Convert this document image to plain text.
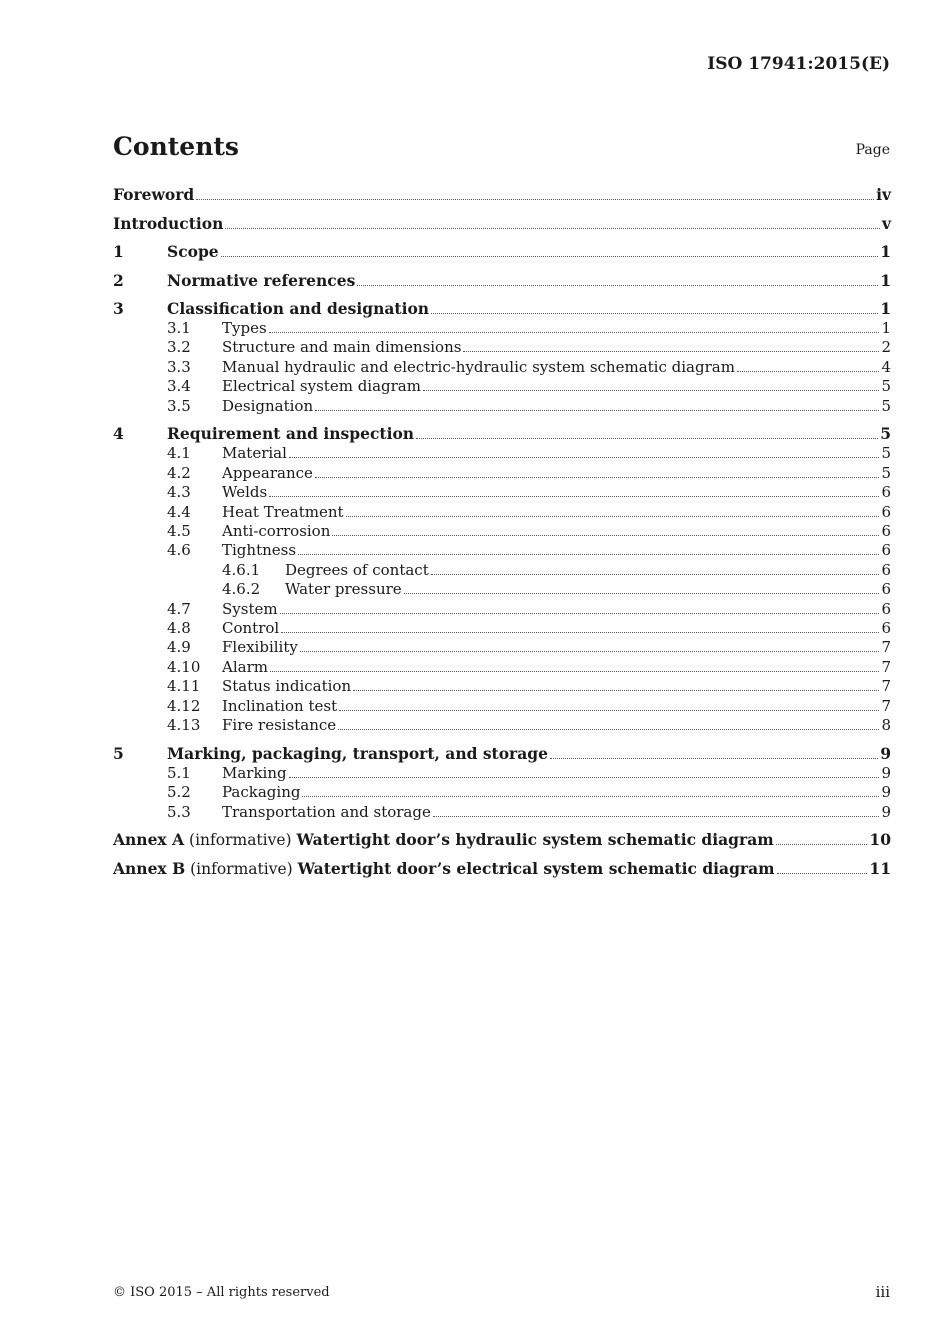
ISO 17941:2015(E)
Contents	Page
Foreword	iv
Introduction	v
1	Scope	1
2	Normative references	1
3	Classification and designation	1
3.1	Types	1
3.2	Structure and main dimensions	2
3.3	Manual hydraulic and electric-hydraulic system schematic diagram	4
3.4	Electrical system diagram	5
3.5	Designation	5
4	Requirement and inspection	5
4.1	Material	5
4.2	Appearance	5
4.3	Welds	6
4.4	Heat Treatment	6
4.5	Anti-corrosion	6
4.6	Tightness	6
4.6.1	Degrees of contact	6
4.6.2	Water pressure	6
4.7	System	6
4.8	Control	6
4.9	Flexibility	7
4.10	Alarm	7
4.11	Status indication	7
4.12	Inclination test	7
4.13	Fire resistance	8
5	Marking, packaging, transport, and storage	9
5.1	Marking	9
5.2	Packaging	9
5.3	Transportation and storage	9
Annex A (informative) Watertight door’s hydraulic system schematic diagram	10
Annex B (informative) Watertight door’s electrical system schematic diagram	11
© ISO 2015 – All rights reserved	iii
